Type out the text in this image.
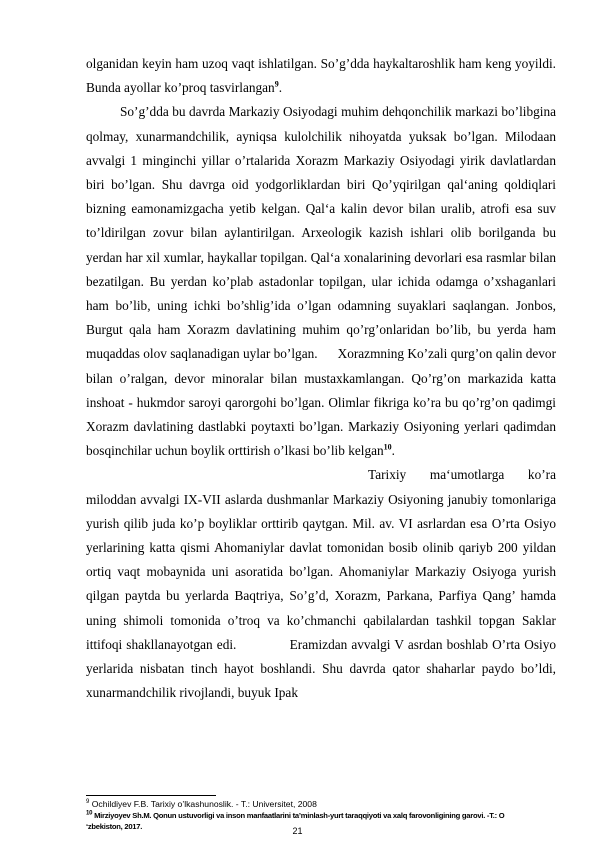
olganidan keyin ham uzoq vaqt ishlatilgan. So’g’dda haykaltaroshlik ham keng yoyildi. Bunda ayollar ko’proq tasvirlangan$^9$.

So’g’dda bu davrda Markaziy Osiyodagi muhim dehqonchilik markazi bo’libgina qolmay, xunarmandchilik, ayniqsa kulolchilik nihoyatda yuksak bo’lgan. Milodaan avvalgi 1 minginchi yillar o’rtalarida Xorazm Markaziy Osiyodagi yirik davlatlardan biri bo’lgan. Shu davrga oid yodgorliklardan biri Qo’yqirilgan qal‘aning qoldiqlari bizning eamonamizgacha yetib kelgan. Qal‘a kalin devor bilan uralib, atrofi esa suv to’ldirilgan zovur bilan aylantirilgan. Arxeologik kazish ishlari olib borilganda bu yerdan har xil xumlar, haykallar topilgan. Qal‘a xonalarining devorlari esa rasmlar bilan bezatilgan. Bu yerdan ko’plab astadonlar topilgan, ular ichida odamga o’xshaganlari ham bo’lib, uning ichki bo’shlig’ida o’lgan odamning suyaklari saqlangan. Jonbos, Burgut qala ham Xorazm davlatining muhim qo’rg’onlaridan bo’lib, bu yerda ham muqaddas olov saqlanadigan uylar bo’lgan. Xorazmning Ko’zali qurg’on qalin devor bilan o’ralgan, devor minoralar bilan mustaxkamlangan. Qo’rg’on markazida katta inshoat - hukmdor saroyi qarorgohi bo’lgan. Olimlar fikriga ko’ra bu qo’rg’on qadimgi Xorazm davlatining dastlabki poytaxti bo’lgan. Markaziy Osiyoning yerlari qadimdan bosqinchilar uchun boylik orttirish o’lkasi bo’lib kelgan$^{10}$.

Tarixiy ma‘umotlarga ko’ra miloddan avvalgi IX-VII aslarda dushmanlar Markaziy Osiyoning janubiy tomonlariga yurish qilib juda ko’p boyliklar orttirib qaytgan. Mil. av. VI asrlardan esa O’rta Osiyo yerlarining katta qismi Ahomaniylar davlat tomonidan bosib olinib qariyb 200 yildan ortiq vaqt mobaynida uni asoratida bo’lgan. Ahomaniylar Markaziy Osiyoga yurish qilgan paytda bu yerlarda Baqtriya, So’g’d, Xorazm, Parkana, Parfiya Qang’ hamda uning shimoli tomonida o’troq va ko’chmanchi qabilalardan tashkil topgan Saklar ittifoqi shakllanayotgan edi.	Eramizdan avvalgi V asrdan boshlab O’rta Osiyo yerlarida nisbatan tinch hayot boshlandi. Shu davrda qator shaharlar paydo bo’ldi, xunarmandchilik rivojlandi, buyuk Ipak

$^9$ Ochildiyev F.B. Tarixiy o’lkashunoslik. - T.: Universitet, 2008

$^{10}$ Mirziyoyev Sh.M. Qonun ustuvorligi va inson manfaatlarini ta’minlash-yurt taraqqiyoti va xalq farovonligining garovi. -T.: O
‘zbekiston, 2017.	21
